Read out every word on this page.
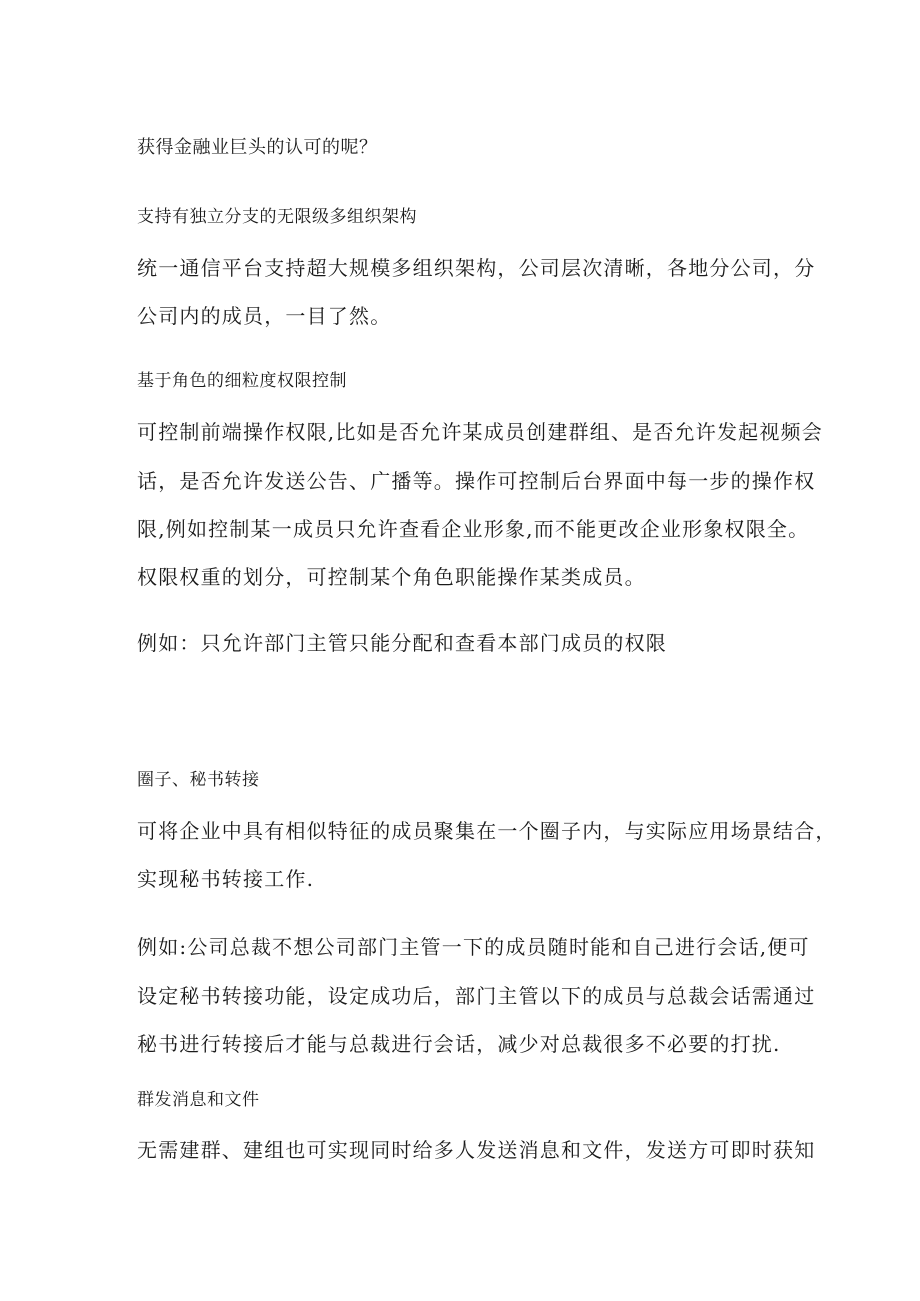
获得金融业巨头的认可的呢？

支持有独立分支的无限级多组织架构

统一通信平台支持超大规模多组织架构，公司层次清晰，各地分公司，分

公司内的成员，一目了然。

基于角色的细粒度权限控制

可控制前端操作权限,比如是否允许某成员创建群组、是否允许发起视频会

话，是否允许发送公告、广播等。操作可控制后台界面中每一步的操作权

限,例如控制某一成员只允许查看企业形象,而不能更改企业形象权限全。

权限权重的划分，可控制某个角色职能操作某类成员。

例如：只允许部门主管只能分配和查看本部门成员的权限

圈子、秘书转接

可将企业中具有相似特征的成员聚集在一个圈子内，与实际应用场景结合，

实现秘书转接工作.

例如:公司总裁不想公司部门主管一下的成员随时能和自己进行会话,便可

设定秘书转接功能，设定成功后，部门主管以下的成员与总裁会话需通过

秘书进行转接后才能与总裁进行会话，减少对总裁很多不必要的打扰.

群发消息和文件

无需建群、建组也可实现同时给多人发送消息和文件，发送方可即时获知
